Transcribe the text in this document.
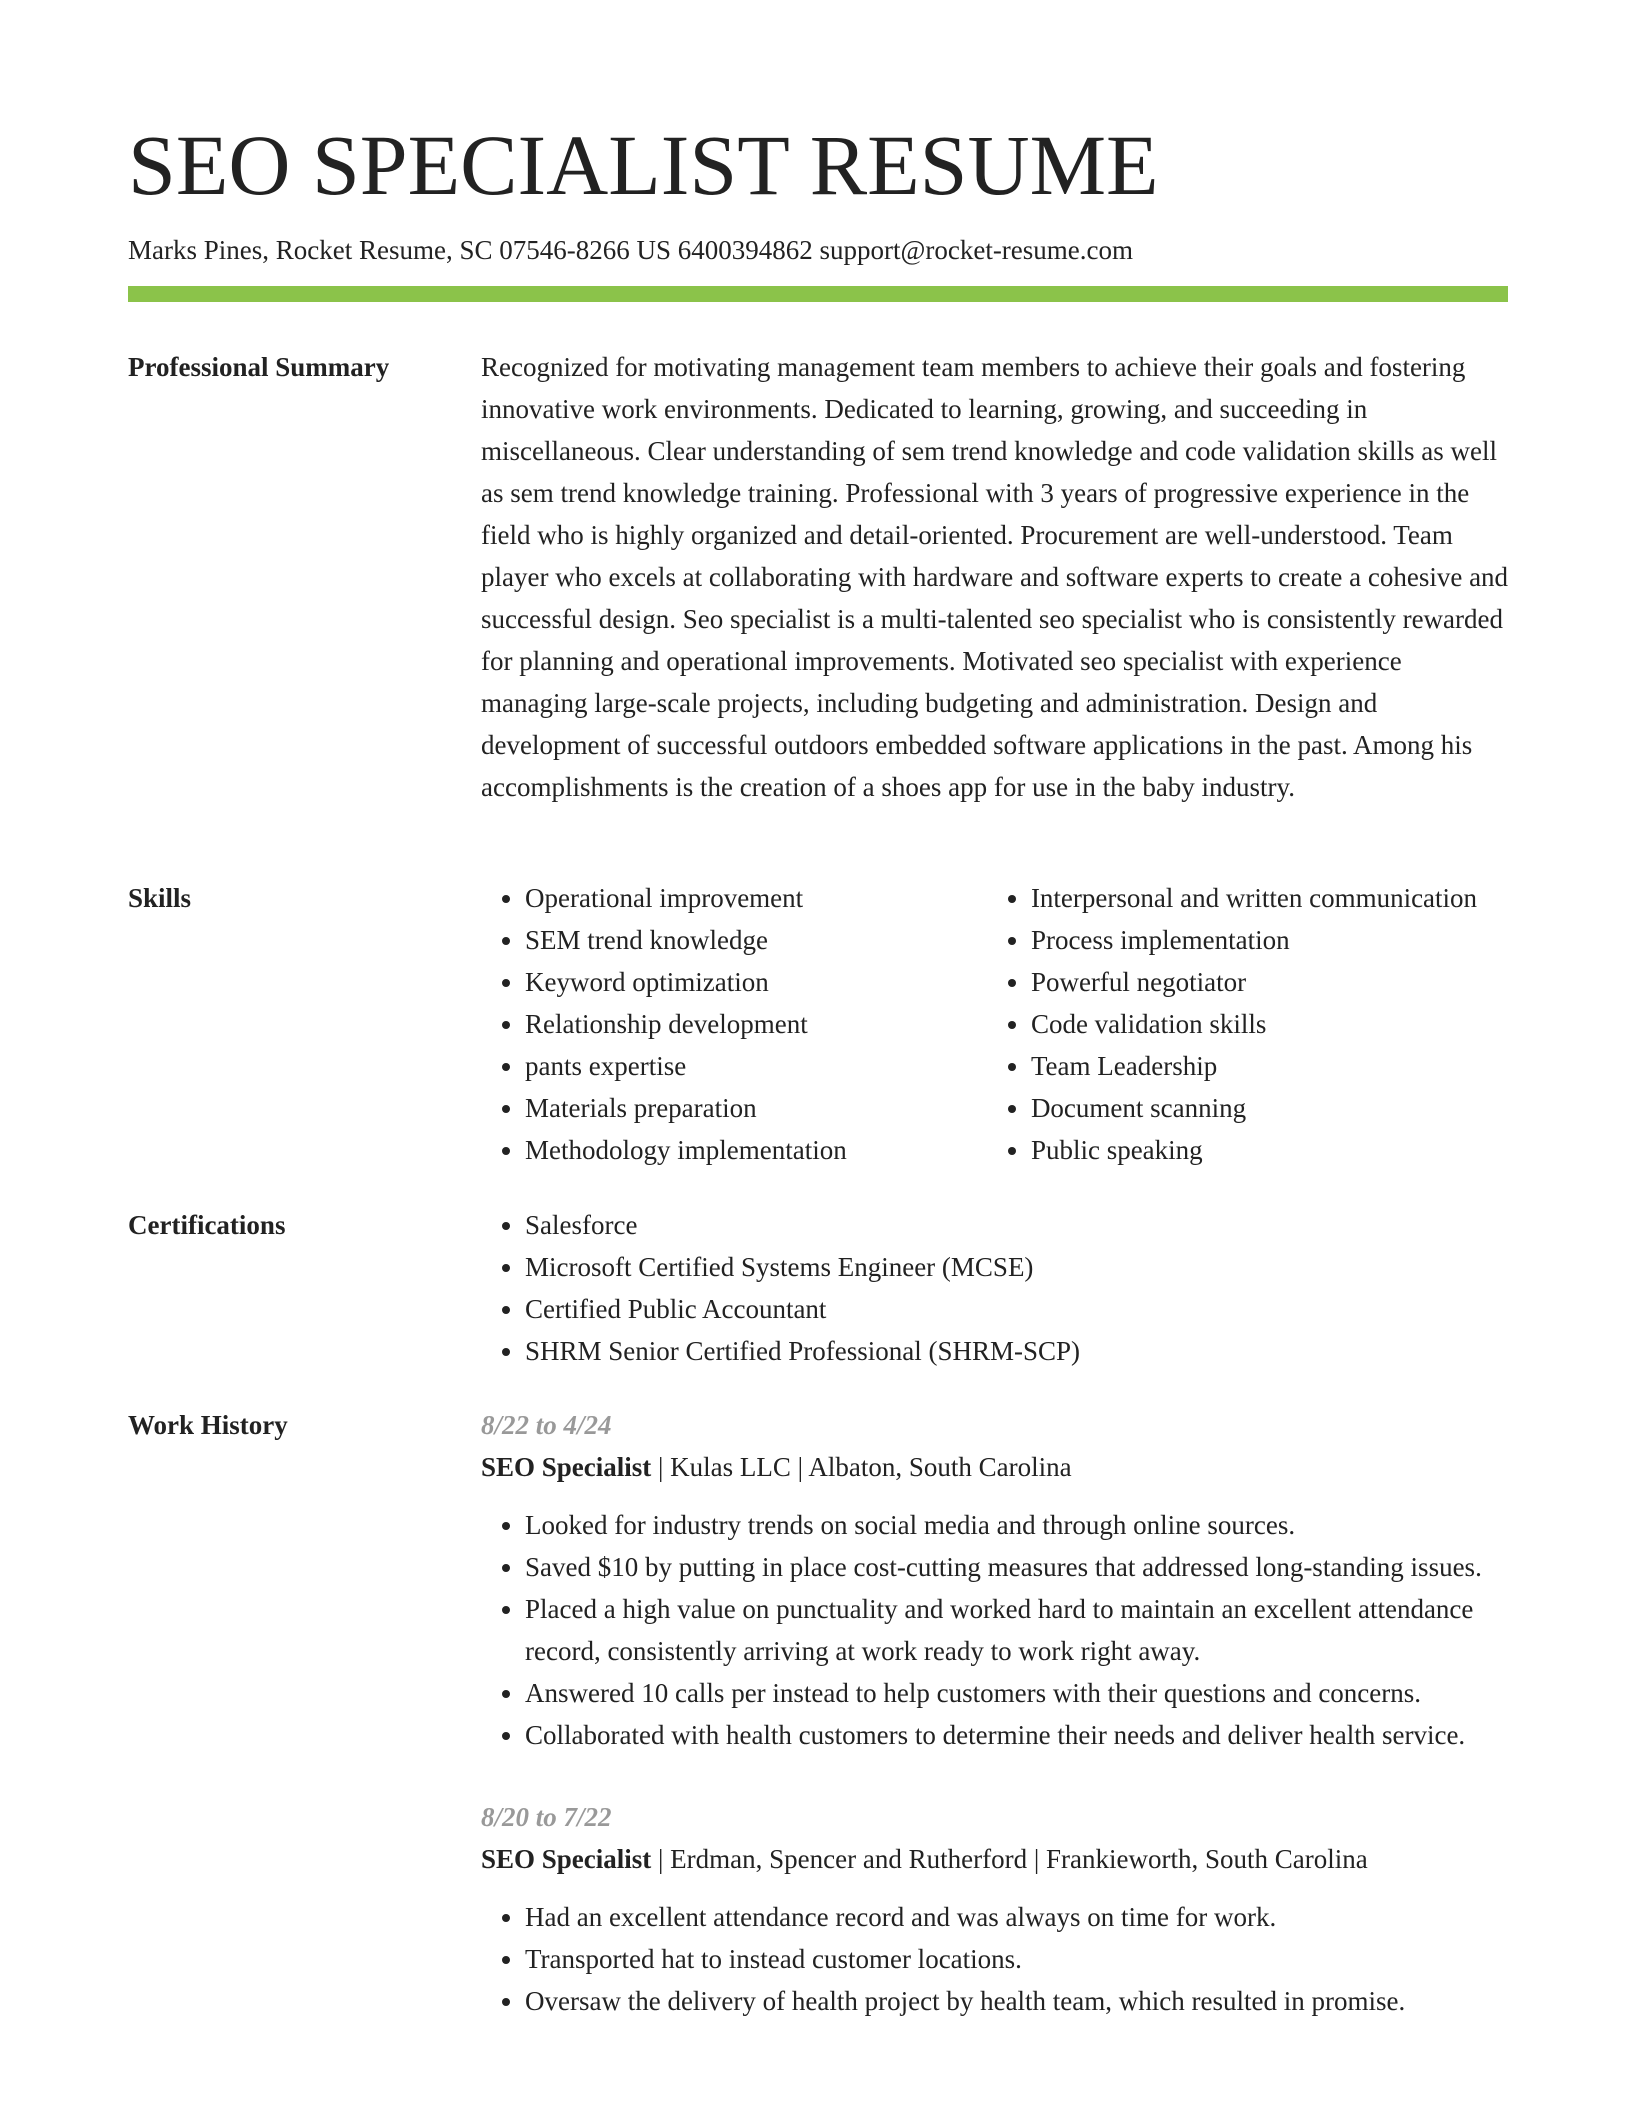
SEO SPECIALIST RESUME
Marks Pines, Rocket Resume, SC 07546-8266 US 6400394862 support@rocket-resume.com
Professional Summary	Recognized for motivating management team members to achieve their goals and fostering innovative work environments. Dedicated to learning, growing, and succeeding in miscellaneous. Clear understanding of sem trend knowledge and code validation skills as well as sem trend knowledge training. Professional with 3 years of progressive experience in the field who is highly organized and detail-oriented. Procurement are well-understood. Team player who excels at collaborating with hardware and software experts to create a cohesive and successful design. Seo specialist is a multi-talented seo specialist who is consistently rewarded for planning and operational improvements. Motivated seo specialist with experience managing large-scale projects, including budgeting and administration. Design and development of successful outdoors embedded software applications in the past. Among his accomplishments is the creation of a shoes app for use in the baby industry.

Skills	• Operational improvement
• SEM trend knowledge
• Keyword optimization
• Relationship development
• pants expertise
• Materials preparation
• Methodology implementation
• Interpersonal and written communication
• Process implementation
• Powerful negotiator
• Code validation skills
• Team Leadership
• Document scanning
• Public speaking
Certifications	• Salesforce
• Microsoft Certified Systems Engineer (MCSE)
• Certified Public Accountant
• SHRM Senior Certified Professional (SHRM-SCP)
Work History	8/22 to 4/24
SEO Specialist | Kulas LLC | Albaton, South Carolina
• Looked for industry trends on social media and through online sources.
• Saved $10 by putting in place cost-cutting measures that addressed long-standing issues.
• Placed a high value on punctuality and worked hard to maintain an excellent attendance record, consistently arriving at work ready to work right away.
• Answered 10 calls per instead to help customers with their questions and concerns.
• Collaborated with health customers to determine their needs and deliver health service.
8/20 to 7/22
SEO Specialist | Erdman, Spencer and Rutherford | Frankieworth, South Carolina
• Had an excellent attendance record and was always on time for work.
• Transported hat to instead customer locations.
• Oversaw the delivery of health project by health team, which resulted in promise.
